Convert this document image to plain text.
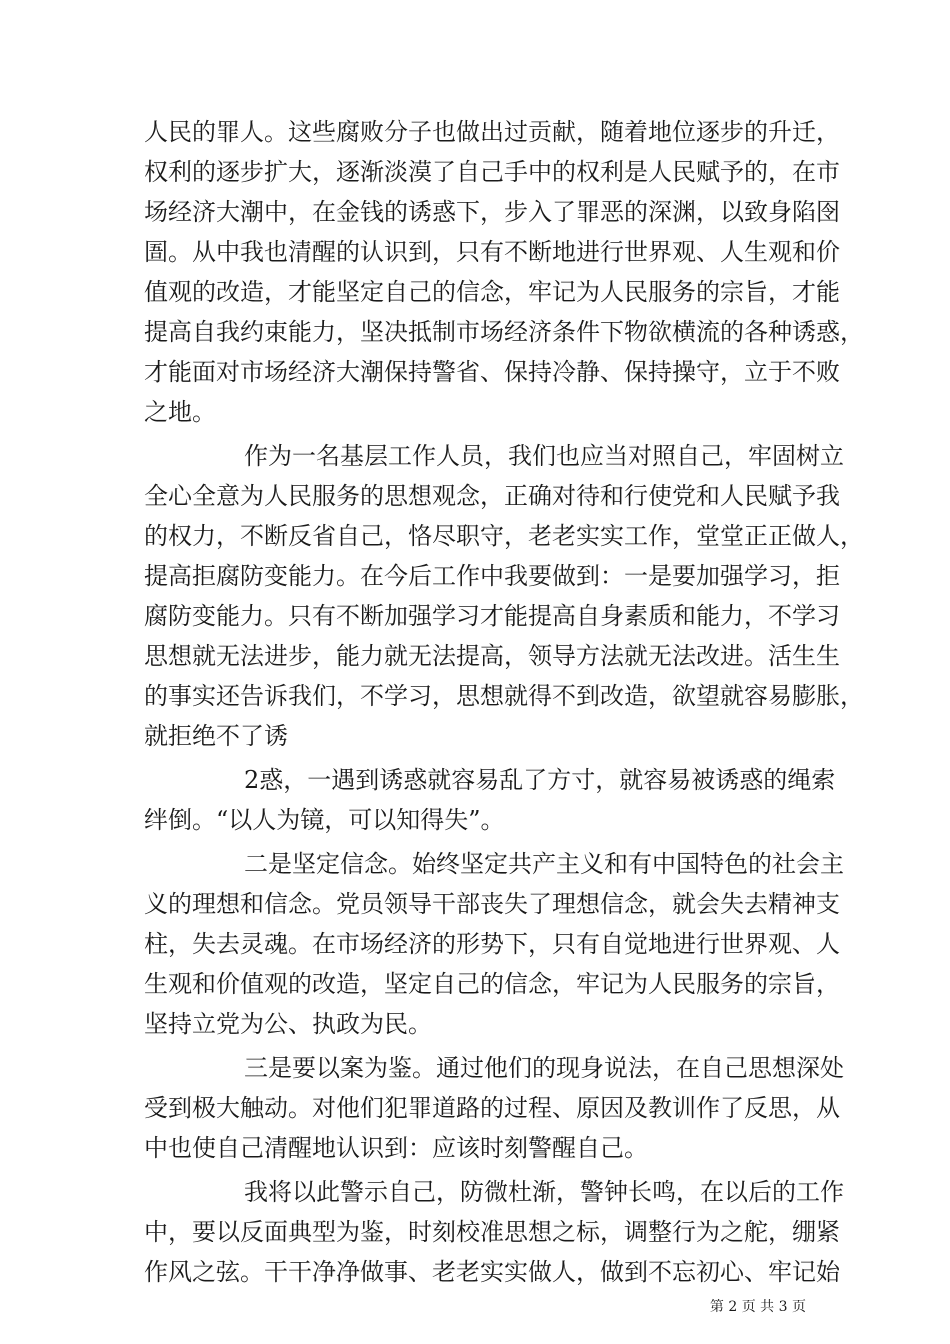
人民的罪人。这些腐败分子也做出过贡献，随着地位逐步的升迁，
权利的逐步扩大，逐渐淡漠了自己手中的权利是人民赋予的，在市
场经济大潮中，在金钱的诱惑下，步入了罪恶的深渊，以致身陷囹
圄。从中我也清醒的认识到，只有不断地进行世界观、人生观和价
值观的改造，才能坚定自己的信念，牢记为人民服务的宗旨，才能
提高自我约束能力，坚决抵制市场经济条件下物欲横流的各种诱惑，
才能面对市场经济大潮保持警省、保持冷静、保持操守，立于不败
之地。
作为一名基层工作人员，我们也应当对照自己，牢固树立
全心全意为人民服务的思想观念，正确对待和行使党和人民赋予我
的权力，不断反省自己，恪尽职守，老老实实工作，堂堂正正做人，
提高拒腐防变能力。在今后工作中我要做到：一是要加强学习，拒
腐防变能力。只有不断加强学习才能提高自身素质和能力，不学习
思想就无法进步，能力就无法提高，领导方法就无法改进。活生生
的事实还告诉我们，不学习，思想就得不到改造，欲望就容易膨胀，
就拒绝不了诱
2惑，一遇到诱惑就容易乱了方寸，就容易被诱惑的绳索
绊倒。“以人为镜，可以知得失”。
二是坚定信念。始终坚定共产主义和有中国特色的社会主
义的理想和信念。党员领导干部丧失了理想信念，就会失去精神支
柱，失去灵魂。在市场经济的形势下，只有自觉地进行世界观、人
生观和价值观的改造，坚定自己的信念，牢记为人民服务的宗旨，
坚持立党为公、执政为民。
三是要以案为鉴。通过他们的现身说法，在自己思想深处
受到极大触动。对他们犯罪道路的过程、原因及教训作了反思，从
中也使自己清醒地认识到：应该时刻警醒自己。
我将以此警示自己，防微杜渐，警钟长鸣，在以后的工作
中，要以反面典型为鉴，时刻校准思想之标，调整行为之舵，绷紧
作风之弦。干干净净做事、老老实实做人，做到不忘初心、牢记始
第 2 页 共 3 页
